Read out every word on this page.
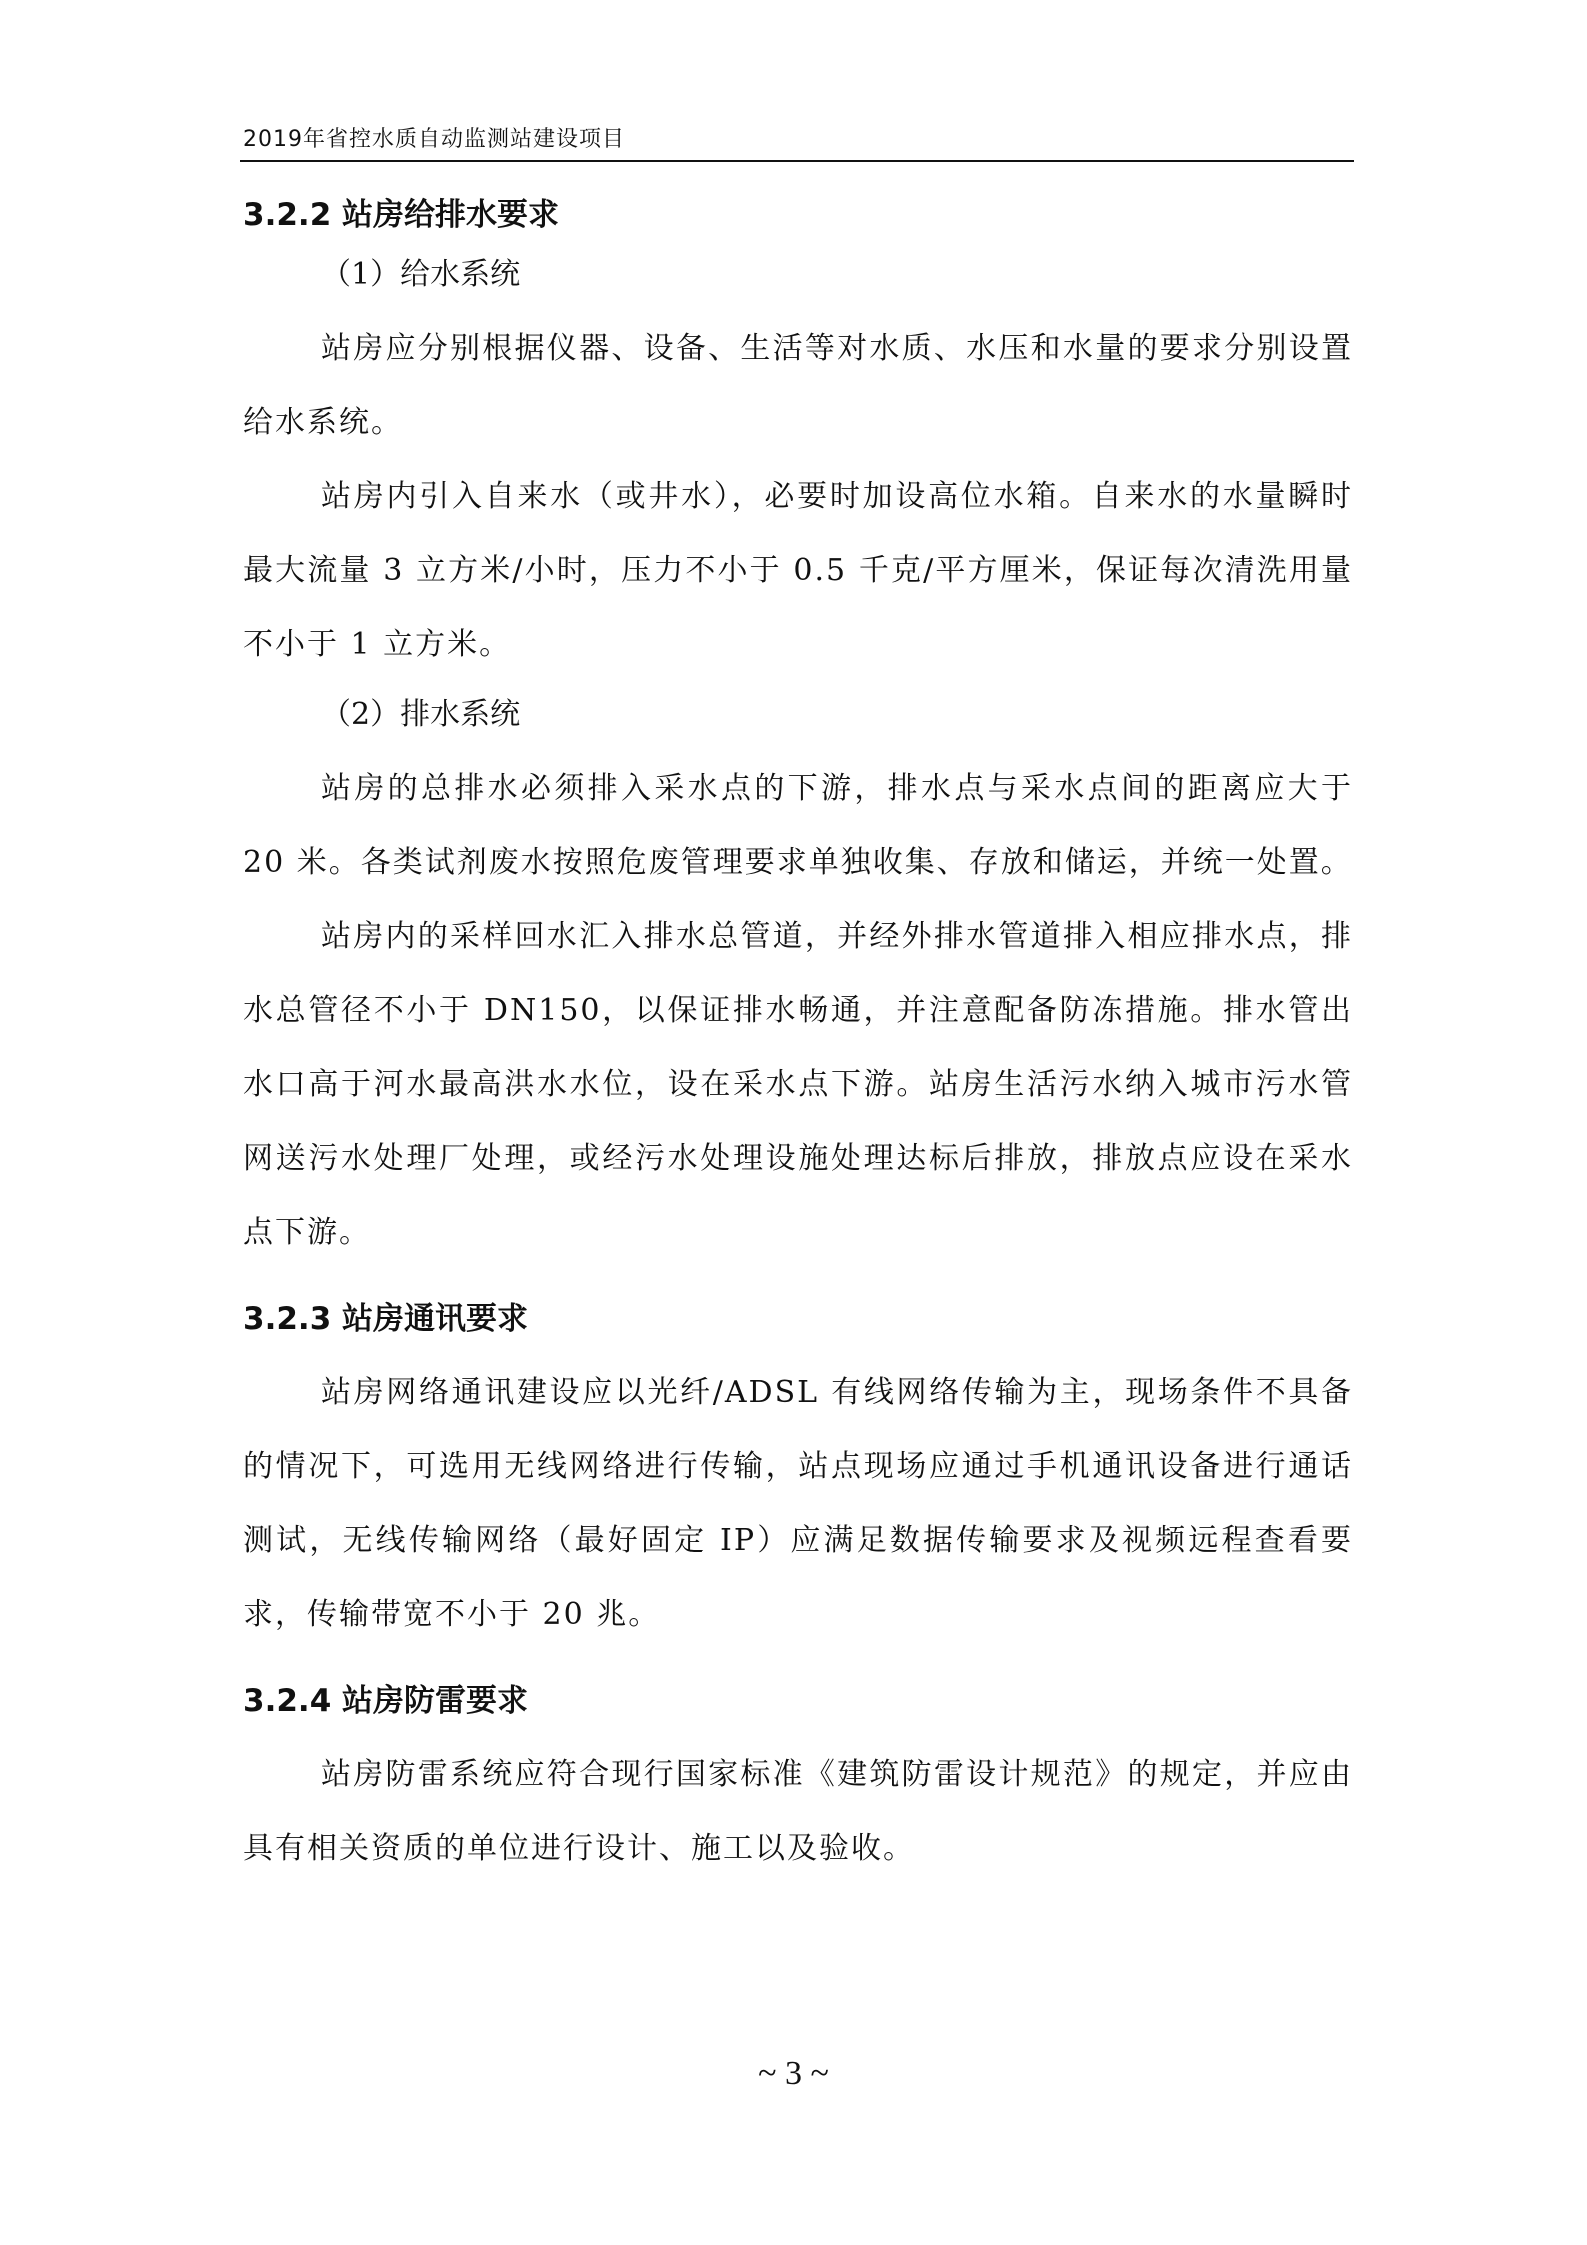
2019年省控水质自动监测站建设项目
3.2.2 站房给排水要求
（1）给水系统

站房应分别根据仪器、设备、生活等对水质、水压和水量的要求分别设置给水系统。

站房内引入自来水（或井水），必要时加设高位水箱。自来水的水量瞬时最大流量 3 立方米/小时，压力不小于 0.5 千克/平方厘米，保证每次清洗用量不小于 1 立方米。

（2）排水系统

站房的总排水必须排入采水点的下游，排水点与采水点间的距离应大于 20 米。各类试剂废水按照危废管理要求单独收集、存放和储运，并统一处置。

站房内的采样回水汇入排水总管道，并经外排水管道排入相应排水点，排水总管径不小于 DN150，以保证排水畅通，并注意配备防冻措施。排水管出水口高于河水最高洪水水位，设在采水点下游。站房生活污水纳入城市污水管网送污水处理厂处理，或经污水处理设施处理达标后排放，排放点应设在采水点下游。

3.2.3 站房通讯要求

站房网络通讯建设应以光纤/ADSL 有线网络传输为主，现场条件不具备的情况下，可选用无线网络进行传输，站点现场应通过手机通讯设备进行通话测试，无线传输网络（最好固定 IP）应满足数据传输要求及视频远程查看要求，传输带宽不小于 20 兆。

3.2.4 站房防雷要求

站房防雷系统应符合现行国家标准《建筑防雷设计规范》的规定，并应由具有相关资质的单位进行设计、施工以及验收。

~ 3 ~
